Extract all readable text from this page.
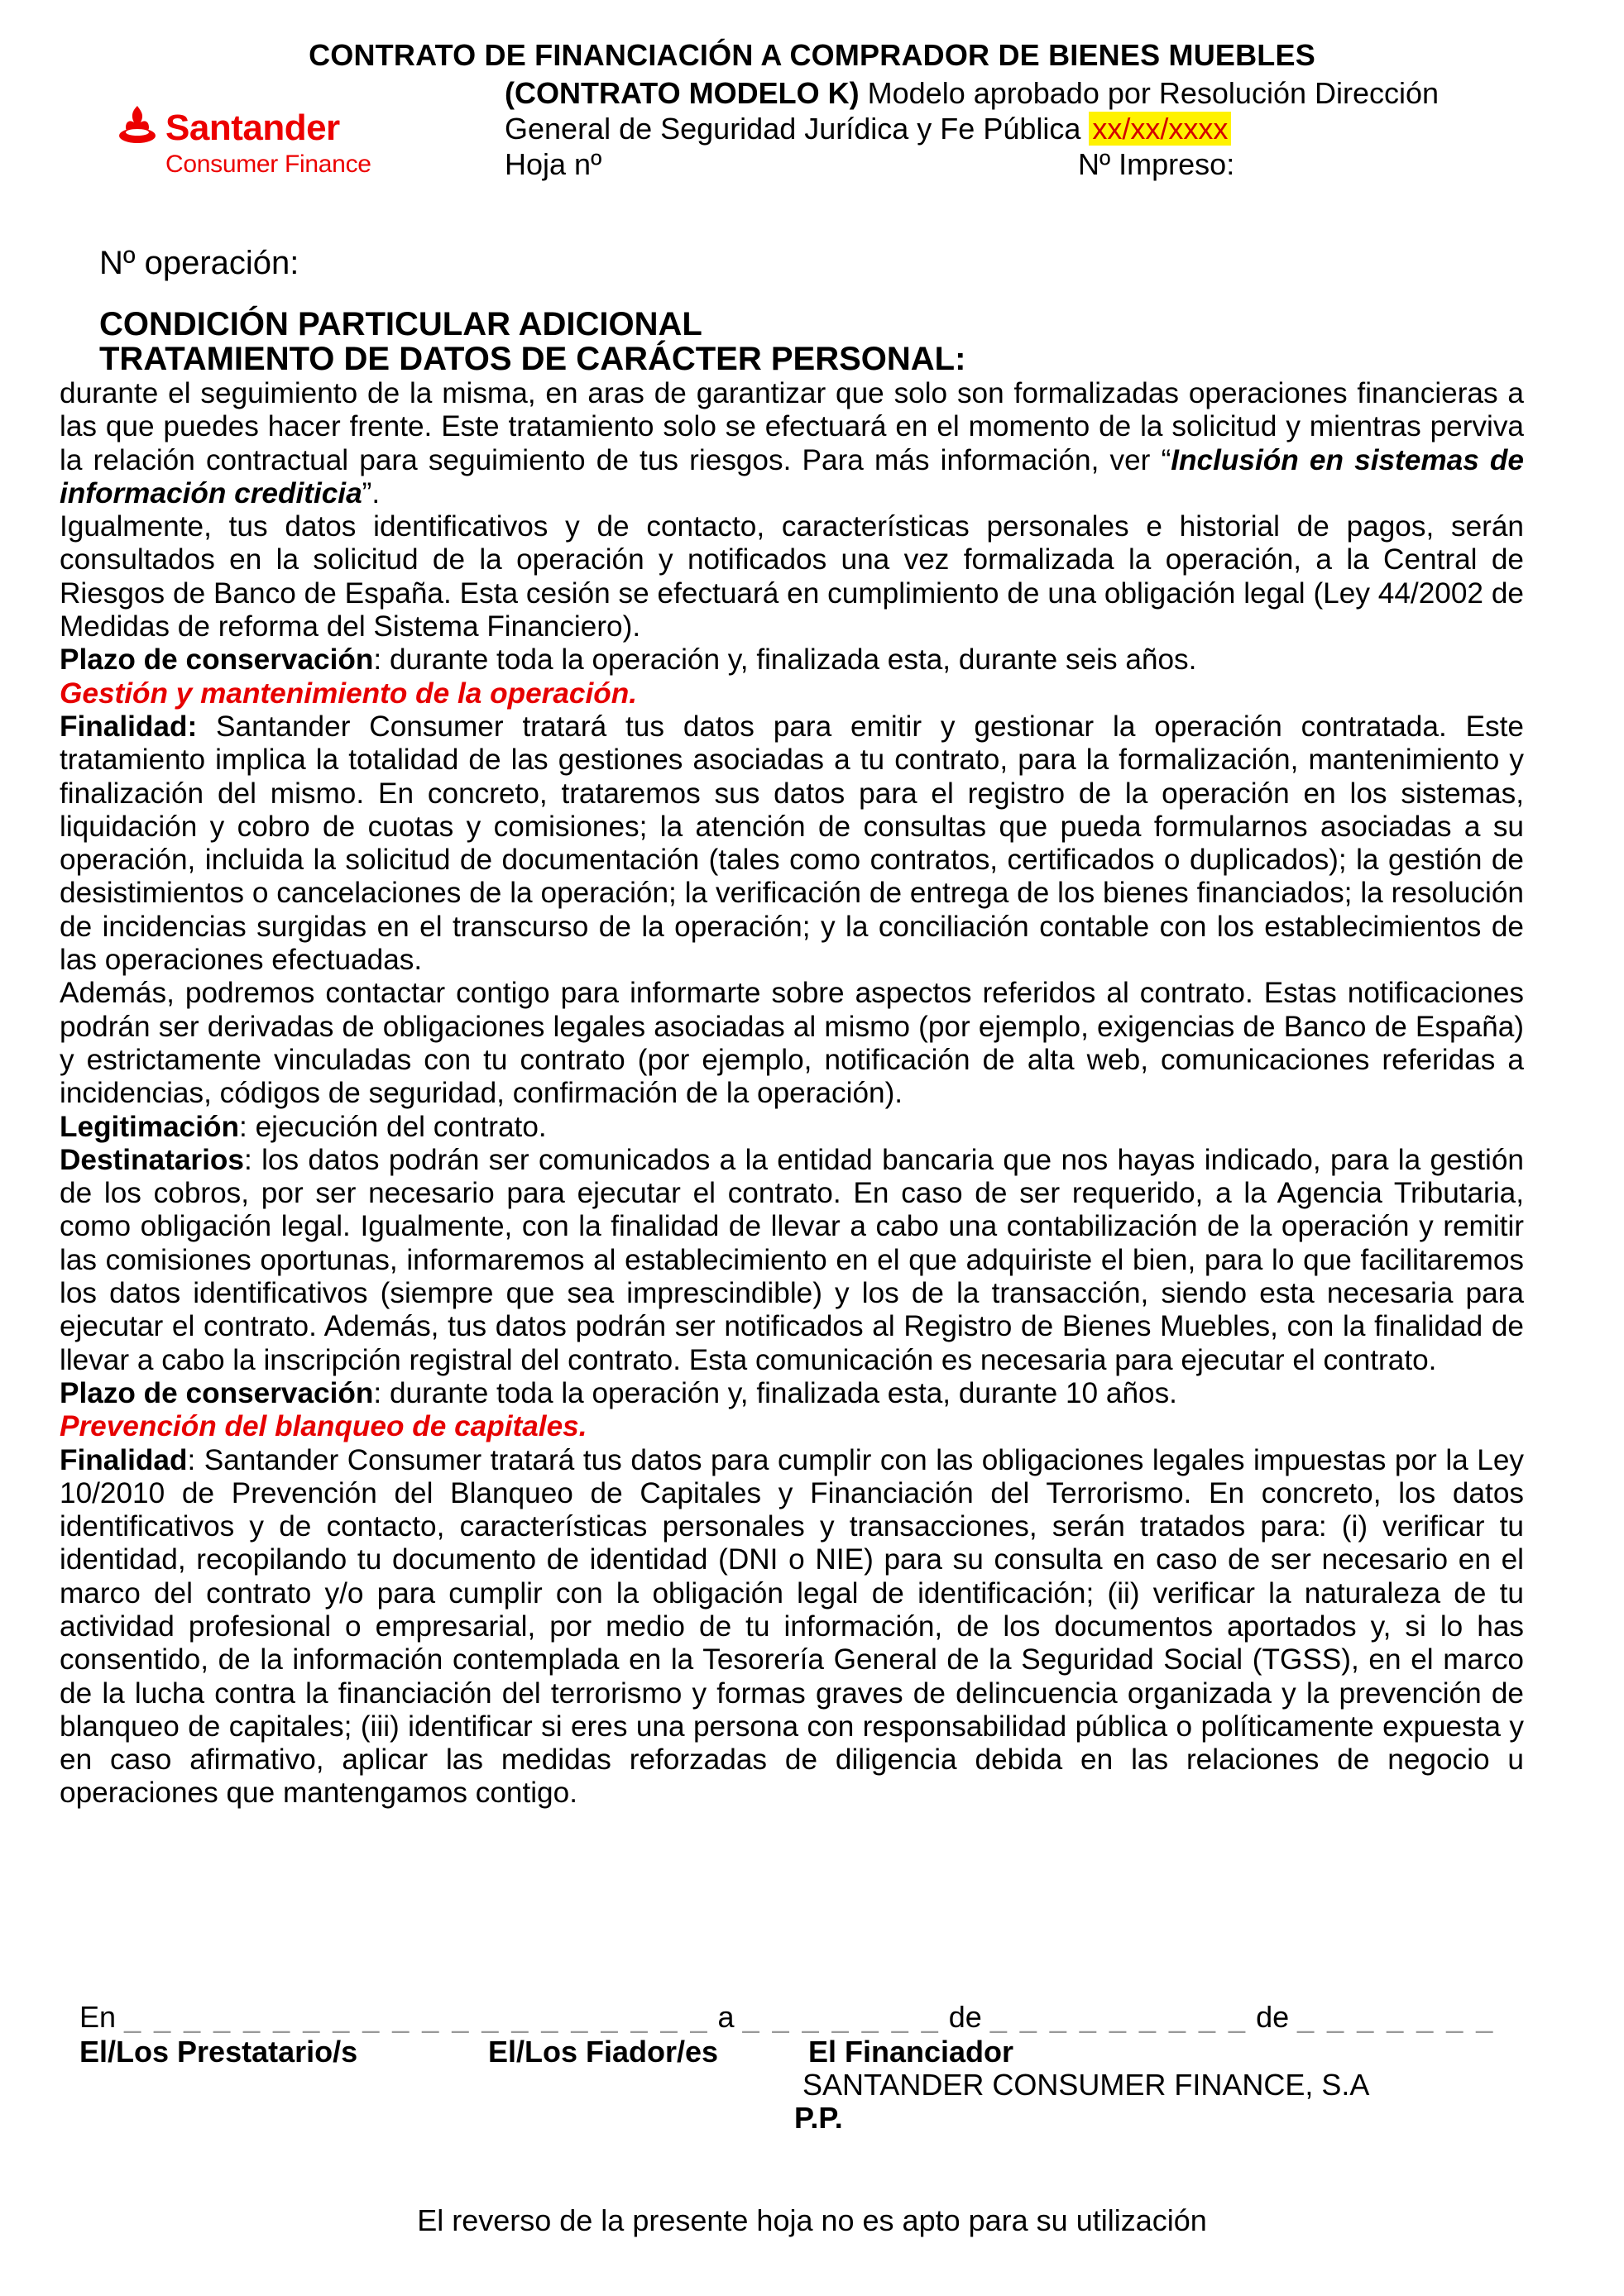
CONTRATO DE FINANCIACIÓN A COMPRADOR DE BIENES MUEBLES
Santander
Consumer Finance
(CONTRATO MODELO K) Modelo aprobado por Resolución Dirección
General de Seguridad Jurídica y Fe Pública xx/xx/xxxx
Hoja nº	Nº Impreso:
Nº operación:
CONDICIÓN PARTICULAR ADICIONAL
TRATAMIENTO DE DATOS DE CARÁCTER PERSONAL:

durante el seguimiento de la misma, en aras de garantizar que solo son formalizadas operaciones financieras a las que puedes hacer frente. Este tratamiento solo se efectuará en el momento de la solicitud y mientras perviva la relación contractual para seguimiento de tus riesgos. Para más información, ver “Inclusión en sistemas de información crediticia”.

Igualmente, tus datos identificativos y de contacto, características personales e historial de pagos, serán consultados en la solicitud de la operación y notificados una vez formalizada la operación, a la Central de Riesgos de Banco de España. Esta cesión se efectuará en cumplimiento de una obligación legal (Ley 44/2002 de Medidas de reforma del Sistema Financiero).

Plazo de conservación: durante toda la operación y, finalizada esta, durante seis años.

Gestión y mantenimiento de la operación.

Finalidad: Santander Consumer tratará tus datos para emitir y gestionar la operación contratada. Este tratamiento implica la totalidad de las gestiones asociadas a tu contrato, para la formalización, mantenimiento y finalización del mismo. En concreto, trataremos sus datos para el registro de la operación en los sistemas, liquidación y cobro de cuotas y comisiones; la atención de consultas que pueda formularnos asociadas a su operación, incluida la solicitud de documentación (tales como contratos, certificados o duplicados); la gestión de desistimientos o cancelaciones de la operación; la verificación de entrega de los bienes financiados; la resolución de incidencias surgidas en el transcurso de la operación; y la conciliación contable con los establecimientos de las operaciones efectuadas.

Además, podremos contactar contigo para informarte sobre aspectos referidos al contrato. Estas notificaciones podrán ser derivadas de obligaciones legales asociadas al mismo (por ejemplo, exigencias de Banco de España) y estrictamente vinculadas con tu contrato (por ejemplo, notificación de alta web, comunicaciones referidas a incidencias, códigos de seguridad, confirmación de la operación).

Legitimación: ejecución del contrato.

Destinatarios: los datos podrán ser comunicados a la entidad bancaria que nos hayas indicado, para la gestión de los cobros, por ser necesario para ejecutar el contrato. En caso de ser requerido, a la Agencia Tributaria, como obligación legal. Igualmente, con la finalidad de llevar a cabo una contabilización de la operación y remitir las comisiones oportunas, informaremos al establecimiento en el que adquiriste el bien, para lo que facilitaremos los datos identificativos (siempre que sea imprescindible) y los de la transacción, siendo esta necesaria para ejecutar el contrato. Además, tus datos podrán ser notificados al Registro de Bienes Muebles, con la finalidad de llevar a cabo la inscripción registral del contrato. Esta comunicación es necesaria para ejecutar el contrato.

Plazo de conservación: durante toda la operación y, finalizada esta, durante 10 años.

Prevención del blanqueo de capitales.

Finalidad: Santander Consumer tratará tus datos para cumplir con las obligaciones legales impuestas por la Ley 10/2010 de Prevención del Blanqueo de Capitales y Financiación del Terrorismo. En concreto, los datos identificativos y de contacto, características personales y transacciones, serán tratados para: (i) verificar tu identidad, recopilando tu documento de identidad (DNI o NIE) para su consulta en caso de ser necesario en el marco del contrato y/o para cumplir con la obligación legal de identificación; (ii) verificar la naturaleza de tu actividad profesional o empresarial, por medio de tu información, de los documentos aportados y, si lo has consentido, de la información contemplada en la Tesorería General de la Seguridad Social (TGSS), en el marco de la lucha contra la financiación del terrorismo y formas graves de delincuencia organizada y la prevención de blanqueo de capitales; (iii) identificar si eres una persona con responsabilidad pública o políticamente expuesta y en caso afirmativo, aplicar las medidas reforzadas de diligencia debida en las relaciones de negocio u operaciones que mantengamos contigo.

En _ _ _ _ _ _ _ _ _ _ _ _ _ _ _ _ _ _ _ _ a _ _ _ _ _ _ _ de _ _ _ _ _ _ _ _ _ de _ _ _ _ _ _ _
El/Los Prestatario/s	El/Los Fiador/es	El Financiador
SANTANDER CONSUMER FINANCE, S.A
P.P.
El reverso de la presente hoja no es apto para su utilización
